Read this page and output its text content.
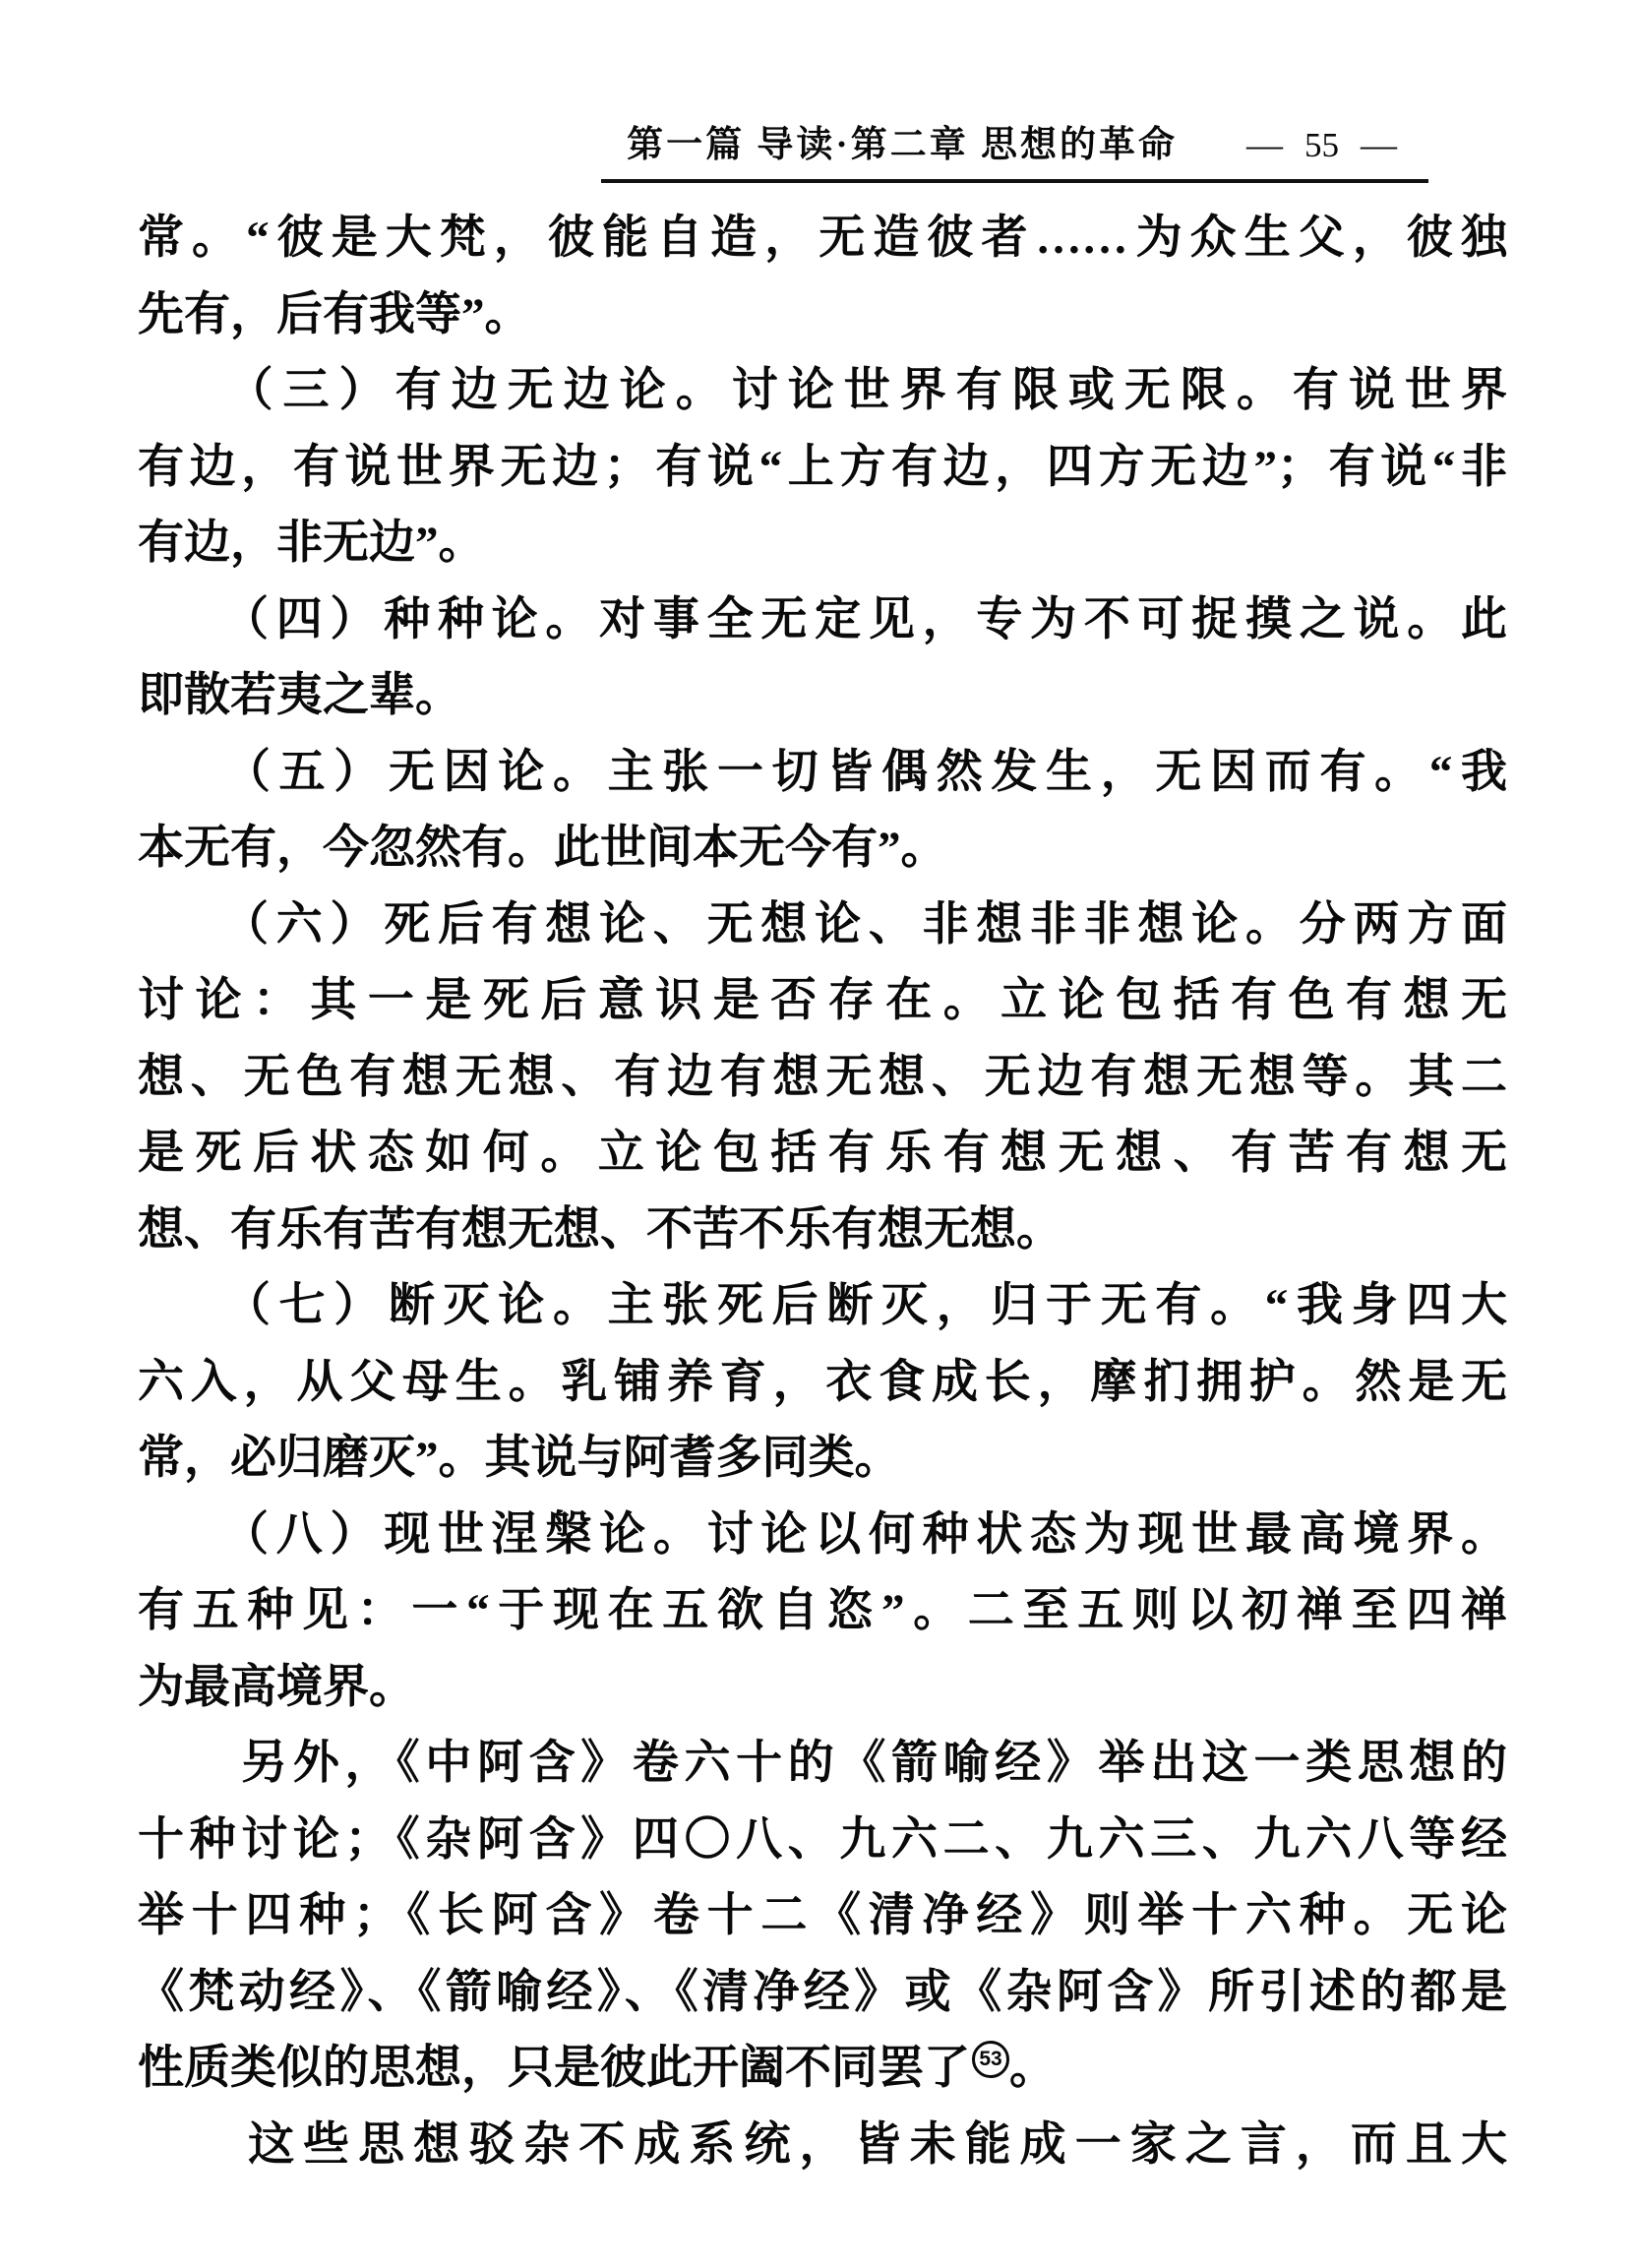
第一篇 导读·第二章 思想的革命 — 55 —
常。“彼是大梵，彼能自造，无造彼者……为众生父，彼独
先有，后有我等”。
　　（三）有边无边论。讨论世界有限或无限。有说世界
有边，有说世界无边；有说“上方有边，四方无边”；有说“非
有边，非无边”。
　　（四）种种论。对事全无定见，专为不可捉摸之说。此
即散若夷之辈。
　　（五）无因论。主张一切皆偶然发生，无因而有。“我
本无有，今忽然有。此世间本无今有”。
　　（六）死后有想论、无想论、非想非非想论。分两方面
讨论：其一是死后意识是否存在。立论包括有色有想无
想、无色有想无想、有边有想无想、无边有想无想等。其二
是死后状态如何。立论包括有乐有想无想、有苦有想无
想、有乐有苦有想无想、不苦不乐有想无想。
　　（七）断灭论。主张死后断灭，归于无有。“我身四大
六入，从父母生。乳铺养育，衣食成长，摩扪拥护。然是无
常，必归磨灭”。其说与阿耆多同类。
　　（八）现世涅槃论。讨论以何种状态为现世最高境界。
有五种见：一“于现在五欲自恣”。二至五则以初禅至四禅
为最高境界。
　　另外，《中阿含》卷六十的《箭喻经》举出这一类思想的
十种讨论；《杂阿含》四〇八、九六二、九六三、九六八等经
举十四种；《长阿含》卷十二《清净经》则举十六种。无论
《梵动经》、《箭喻经》、《清净经》或《杂阿含》所引述的都是
性质类似的思想，只是彼此开阖不同罢了 53 。
　　这些思想驳杂不成系统，皆未能成一家之言，而且大
